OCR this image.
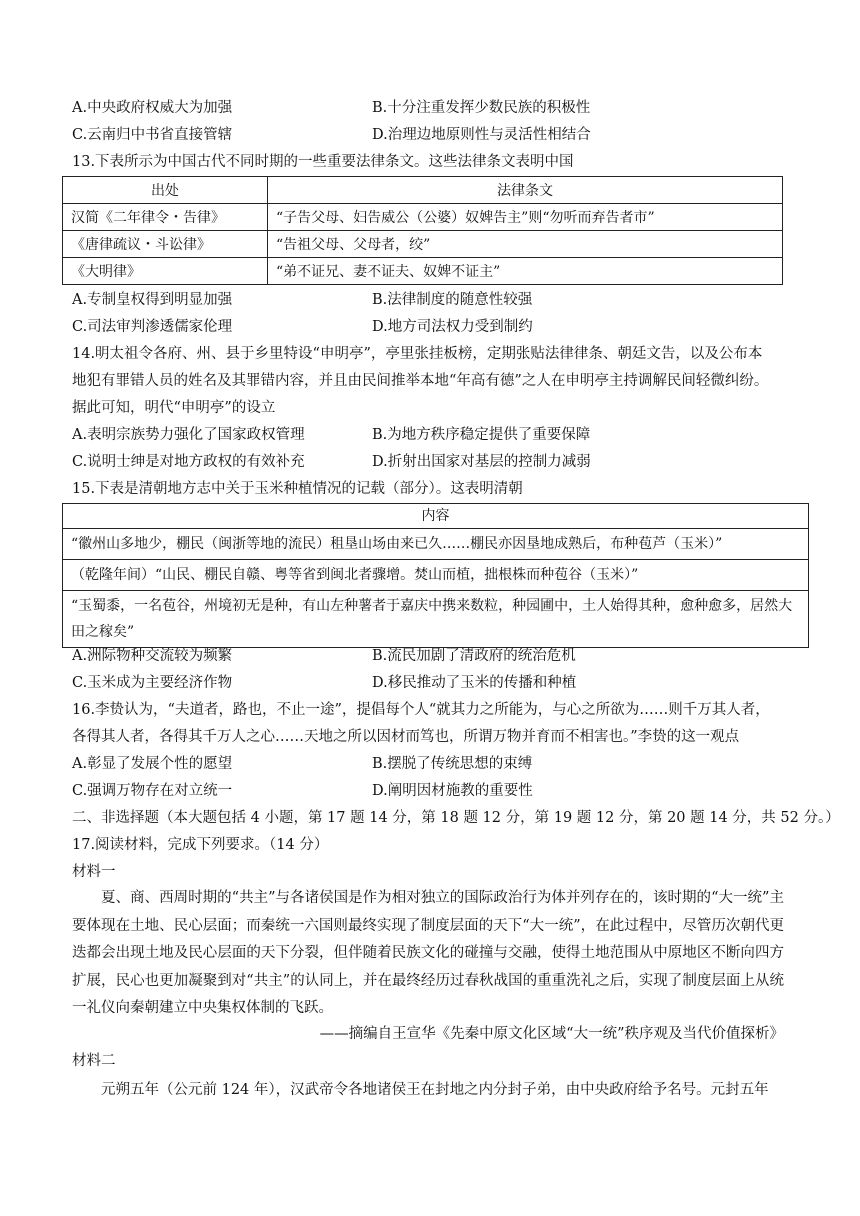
A.中央政府权威大为加强	B.十分注重发挥少数民族的积极性
C.云南归中书省直接管辖	D.治理边地原则性与灵活性相结合
13.下表所示为中国古代不同时期的一些重要法律条文。这些法律条文表明中国
出处	法律条文
汉简《二年律令・告律》	“子告父母、妇告威公（公婆）奴婢告主”则“勿听而弃告者市”
《唐律疏议・斗讼律》	“告祖父母、父母者，绞”
《大明律》	“弟不证兄、妻不证夫、奴婢不证主”
A.专制皇权得到明显加强	B.法律制度的随意性较强
C.司法审判渗透儒家伦理	D.地方司法权力受到制约
14.明太祖令各府、州、县于乡里特设“申明亭”，亭里张挂板榜，定期张贴法律律条、朝廷文告，以及公布本
地犯有罪错人员的姓名及其罪错内容，并且由民间推举本地“年高有德”之人在申明亭主持调解民间轻微纠纷。
据此可知，明代“申明亭”的设立
A.表明宗族势力强化了国家政权管理	B.为地方秩序稳定提供了重要保障
C.说明士绅是对地方政权的有效补充	D.折射出国家对基层的控制力减弱
15.下表是清朝地方志中关于玉米种植情况的记载（部分）。这表明清朝
内容
“徽州山多地少，棚民（闽浙等地的流民）租垦山场由来已久……棚民亦因垦地成熟后，布种苞芦（玉米）”
（乾隆年间）“山民、棚民自赣、粤等省到闽北者骤增。焚山而植，拙根株而种苞谷（玉米）”
“玉蜀黍，一名苞谷，州境初无是种，有山左种薯者于嘉庆中携来数粒，种园圃中，土人始得其种，愈种愈多，居然大田之稼矣”
A.洲际物种交流较为频繁	B.流民加剧了清政府的统治危机
C.玉米成为主要经济作物	D.移民推动了玉米的传播和种植
16.李贽认为，“夫道者，路也，不止一途”，提倡每个人“就其力之所能为，与心之所欲为……则千万其人者，
各得其人者，各得其千万人之心……天地之所以因材而笃也，所谓万物并育而不相害也。”李贽的这一观点
A.彰显了发展个性的愿望	B.摆脱了传统思想的束缚
C.强调万物存在对立统一	D.阐明因材施教的重要性
二、非选择题（本大题包括 4 小题，第 17 题 14 分，第 18 题 12 分，第 19 题 12 分，第 20 题 14 分，共 52 分。）
17.阅读材料，完成下列要求。（14 分）
材料一
夏、商、西周时期的“共主”与各诸侯国是作为相对独立的国际政治行为体并列存在的，该时期的“大一统”主要体现在土地、民心层面；而秦统一六国则最终实现了制度层面的天下“大一统”，在此过程中，尽管历次朝代更迭都会出现土地及民心层面的天下分裂，但伴随着民族文化的碰撞与交融，使得土地范围从中原地区不断向四方扩展，民心也更加凝聚到对“共主”的认同上，并在最终经历过春秋战国的重重洗礼之后，实现了制度层面上从统一礼仪向秦朝建立中央集权体制的飞跃。
——摘编自王宣华《先秦中原文化区域“大一统”秩序观及当代价值探析》
材料二
元朔五年（公元前 124 年），汉武帝令各地诸侯王在封地之内分封子弟，由中央政府给予名号。元封五年
